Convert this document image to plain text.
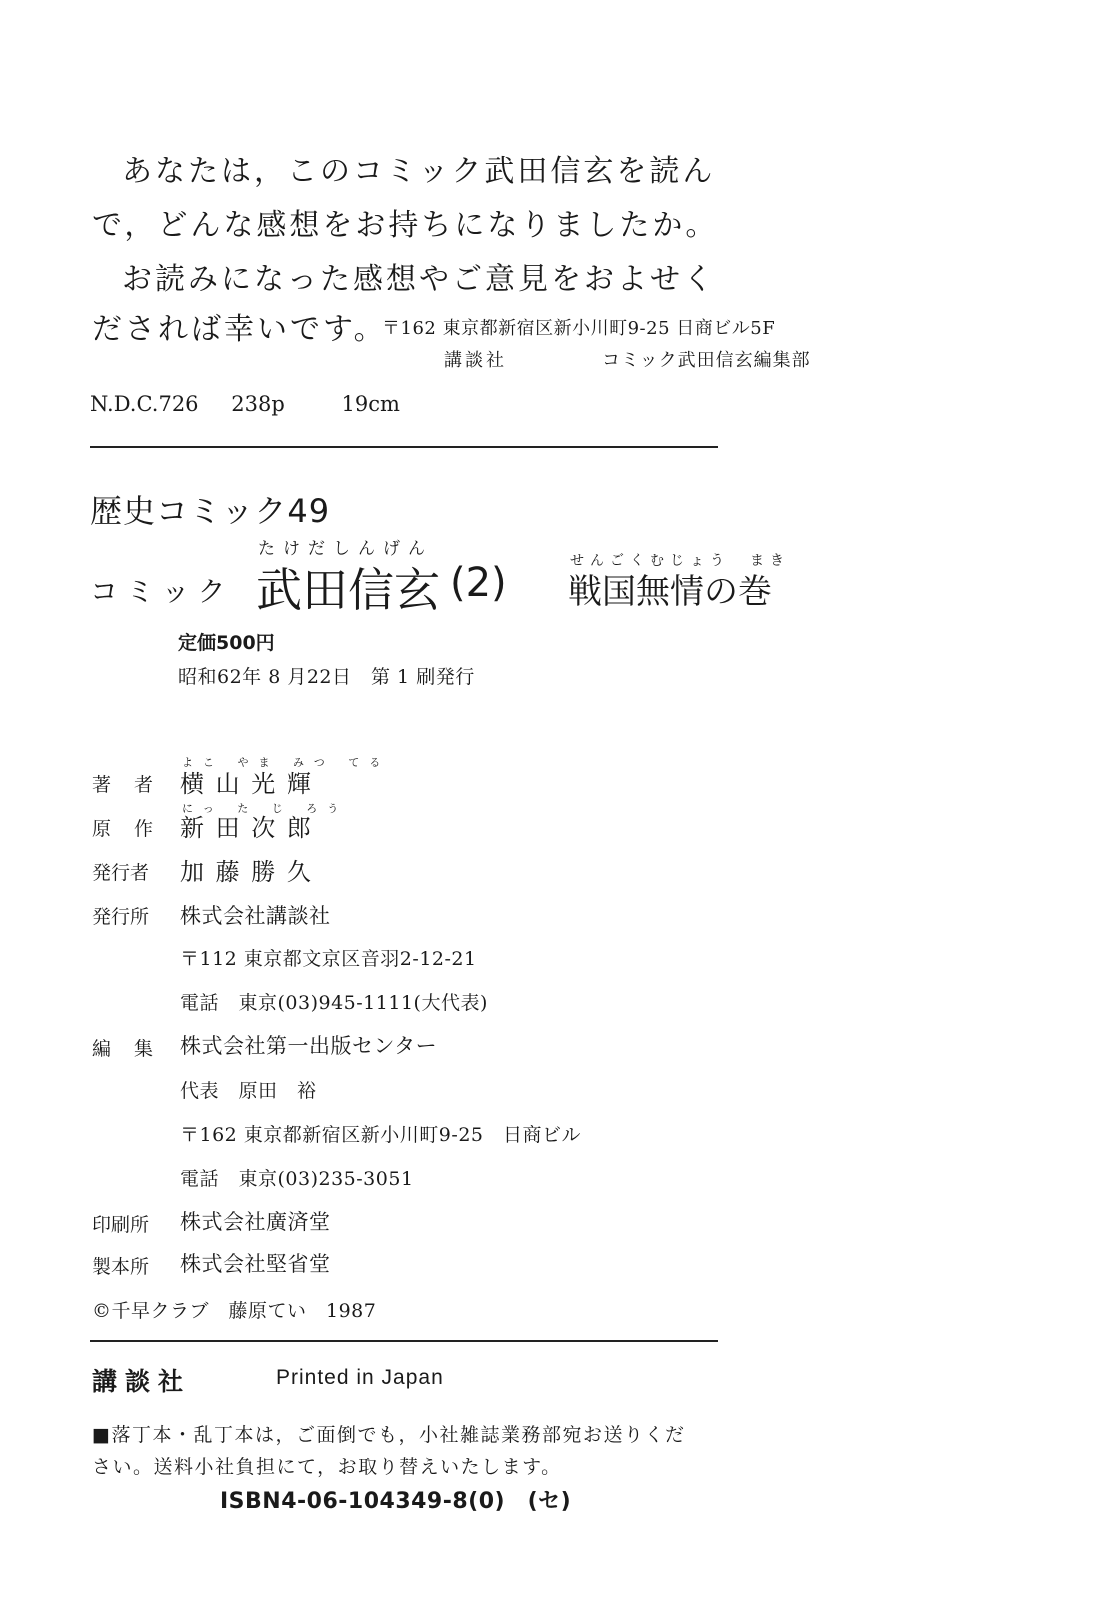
あなたは，このコミック武田信玄を読ん
で，どんな感想をお持ちになりましたか。
お読みになった感想やご意見をおよせく
だされば幸いです。
〒162 東京都新宿区新小川町9-25 日商ビル5F
講談社	コミック武田信玄編集部
N.D.C.726 238p	19cm
歴史コミック49
コミック
たけだしんげん
武田信玄 (2)	せんごくむじょう　まき
戦国無情の巻
定価500円
昭和62年 8 月22日　第 1 刷発行
よこ やま みつ てる
著　者 横 山 光 輝
にっ た じ ろう
原　作 新 田 次 郎
発行者 加 藤 勝 久
発行所 株式会社講談社
〒112 東京都文京区音羽2-12-21
電話　東京(03)945-1111(大代表)
編　集 株式会社第一出版センター
代表　原田　裕
〒162 東京都新宿区新小川町9-25　日商ビル
電話　東京(03)235-3051
印刷所 株式会社廣済堂
製本所 株式会社堅省堂
©千早クラブ　藤原てい　1987
講談社	Printed in Japan
■落丁本・乱丁本は，ご面倒でも，小社雑誌業務部宛お送りくだ
さい。送料小社負担にて，お取り替えいたします。
ISBN4-06-104349-8(0)　(セ)
